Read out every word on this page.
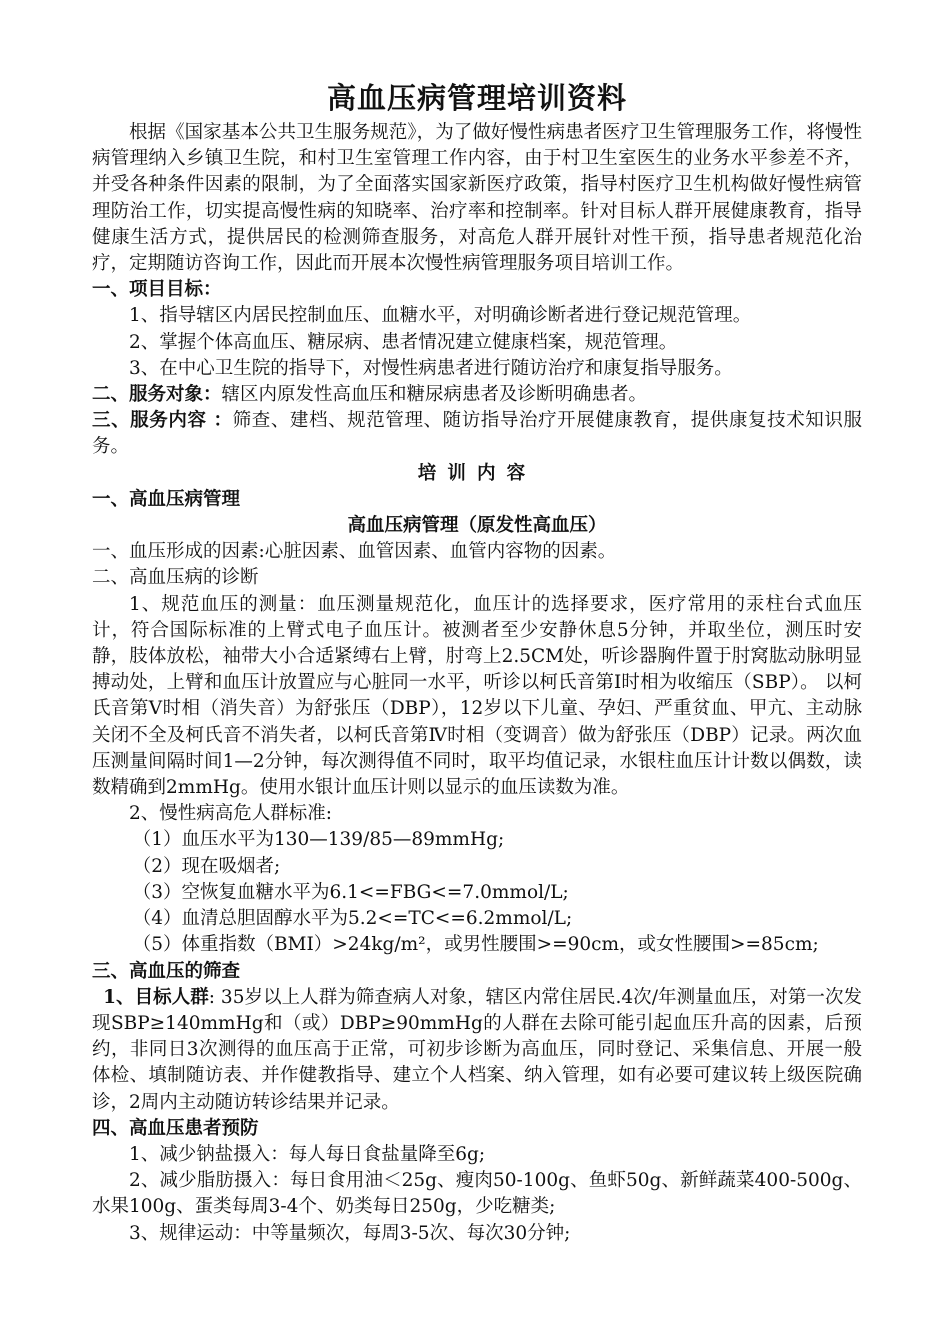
高血压病管理培训资料

根据《国家基本公共卫生服务规范》，为了做好慢性病患者医疗卫生管理服务工作，将慢性病管理纳入乡镇卫生院，和村卫生室管理工作内容，由于村卫生室医生的业务水平参差不齐，并受各种条件因素的限制，为了全面落实国家新医疗政策，指导村医疗卫生机构做好慢性病管理防治工作，切实提高慢性病的知晓率、治疗率和控制率。针对目标人群开展健康教育，指导健康生活方式，提供居民的检测筛查服务，对高危人群开展针对性干预，指导患者规范化治疗，定期随访咨询工作，因此而开展本次慢性病管理服务项目培训工作。

一、项目目标：

1、指导辖区内居民控制血压、血糖水平，对明确诊断者进行登记规范管理。

2、掌握个体高血压、糖尿病、患者情况建立健康档案，规范管理。

3、在中心卫生院的指导下，对慢性病患者进行随访治疗和康复指导服务。

二、服务对象：辖区内原发性高血压和糖尿病患者及诊断明确患者。

三、服务内容 ：筛查、建档、规范管理、随访指导治疗开展健康教育，提供康复技术知识服务。

培训内容

一、高血压病管理

高血压病管理（原发性高血压）

一、血压形成的因素:心脏因素、血管因素、血管内容物的因素。

二、高血压病的诊断

1、规范血压的测量：血压测量规范化，血压计的选择要求，医疗常用的汞柱台式血压计，符合国际标准的上臂式电子血压计。被测者至少安静休息5分钟，并取坐位，测压时安静，肢体放松，袖带大小合适紧缚右上臂，肘弯上2.5CM处，听诊器胸件置于肘窝肱动脉明显搏动处，上臂和血压计放置应与心脏同一水平，听诊以柯氏音第Ⅰ时相为收缩压（SBP）。 以柯氏音第Ⅴ时相（消失音）为舒张压（DBP），12岁以下儿童、孕妇、严重贫血、甲亢、主动脉关闭不全及柯氏音不消失者，以柯氏音第Ⅳ时相（变调音）做为舒张压（DBP）记录。两次血压测量间隔时间1—2分钟，每次测得值不同时，取平均值记录，水银柱血压计计数以偶数，读数精确到2mmHg。使用水银计血压计则以显示的血压读数为准。

2、慢性病高危人群标准:

（1）血压水平为130—139/85—89mmHg;

（2）现在吸烟者;

（3）空恢复血糖水平为6.1<=FBG<=7.0mmol/L;

（4）血清总胆固醇水平为5.2<=TC<=6.2mmol/L;

（5）体重指数（BMI）>24kg/m²，或男性腰围>=90cm，或女性腰围>=85cm;

三、高血压的筛查

1、目标人群: 35岁以上人群为筛查病人对象，辖区内常住居民.4次/年测量血压，对第一次发现SBP≥140mmHg和（或）DBP≥90mmHg的人群在去除可能引起血压升高的因素，后预约，非同日3次测得的血压高于正常，可初步诊断为高血压，同时登记、采集信息、开展一般体检、填制随访表、并作健教指导、建立个人档案、纳入管理，如有必要可建议转上级医院确诊，2周内主动随访转诊结果并记录。

四、高血压患者预防

1、减少钠盐摄入：每人每日食盐量降至6g;

2、减少脂肪摄入：每日食用油＜25g、瘦肉50-100g、鱼虾50g、新鲜蔬菜400-500g、水果100g、蛋类每周3-4个、奶类每日250g，少吃糖类;

3、规律运动：中等量频次，每周3-5次、每次30分钟;
